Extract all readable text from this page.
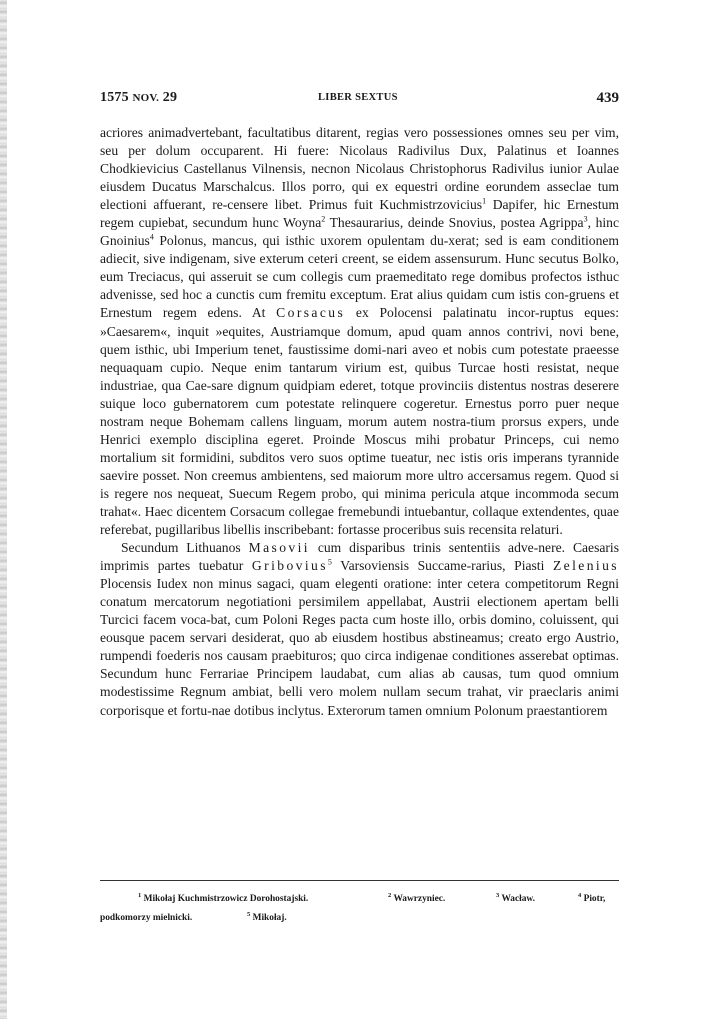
1575 NOV. 29	LIBER SEXTUS	439

acriores animadvertebant, facultatibus ditarent, regias vero possessiones omnes seu per vim, seu per dolum occuparent. Hi fuere: Nicolaus Radivilus Dux, Palatinus et Ioannes Chodkievicius Castellanus Vilnensis, necnon Nicolaus Christophorus Radivilus iunior Aulae eiusdem Ducatus Marschalcus. Illos porro, qui ex equestri ordine eorundem asseclae tum electioni affuerant, re-censere libet. Primus fuit Kuchmistrzovicius$^1$ Dapifer, hic Ernestum regem cupiebat, secundum hunc Woyna$^2$ Thesaurarius, deinde Snovius, postea Agrippa$^3$, hinc Gnoinius$^4$ Polonus, mancus, qui isthic uxorem opulentam du-xerat; sed is eam conditionem adiecit, sive indigenam, sive exterum ceteri creent, se eidem assensurum. Hunc secutus Bolko, eum Treciacus, qui asseruit se cum collegis cum praemeditato rege domibus profectos isthuc advenisse, sed hoc a cunctis cum fremitu exceptum. Erat alius quidam cum istis con-gruens et Ernestum regem edens. At Corsacus ex Polocensi palatinatu incor-ruptus eques: »Caesarem«, inquit »equites, Austriamque domum, apud quam annos contrivi, novi bene, quem isthic, ubi Imperium tenet, faustissime domi-nari aveo et nobis cum potestate praeesse nequaquam cupio. Neque enim tantarum virium est, quibus Turcae hosti resistat, neque industriae, qua Cae-sare dignum quidpiam ederet, totque provinciis distentus nostras deserere suique loco gubernatorem cum potestate relinquere cogeretur. Ernestus porro puer neque nostram neque Bohemam callens linguam, morum autem nostra-tium prorsus expers, unde Henrici exemplo disciplina egeret. Proinde Moscus mihi probatur Princeps, cui nemo mortalium sit formidini, subditos vero suos optime tueatur, nec istis oris imperans tyrannide saevire posset. Non creemus ambientens, sed maiorum more ultro accersamus regem. Quod si is regere nos nequeat, Suecum Regem probo, qui minima pericula atque incommoda secum trahat«. Haec dicentem Corsacum collegae fremebundi intuebantur, collaque extendentes, quae referebat, pugillaribus libellis inscribebant: fortasse proceribus suis recensita relaturi.

Secundum Lithuanos Masovii cum disparibus trinis sententiis adve-nere. Caesaris imprimis partes tuebatur Gribovius$^5$ Varsoviensis Succame-rarius, Piasti Zelenius Plocensis Iudex non minus sagaci, quam elegenti oratione: inter cetera competitorum Regni conatum mercatorum negotiationi persimilem appellabat, Austrii electionem apertam belli Turcici facem voca-bat, cum Poloni Reges pacta cum hoste illo, orbis domino, coluissent, qui eousque pacem servari desiderat, quo ab eiusdem hostibus abstineamus; creato ergo Austrio, rumpendi foederis nos causam praebituros; quo circa indigenae conditiones asserebat optimas. Secundum hunc Ferrariae Principem laudabat, cum alias ab causas, tum quod omnium modestissime Regnum ambiat, belli vero molem nullam secum trahat, vir praeclaris animi corporisque et fortu-nae dotibus inclytus. Exterorum tamen omnium Polonum praestantiorem

$^1$ Mikołaj Kuchmistrzowicz Dorohostajski.	$^2$ Wawrzyniec.	$^3$ Wacław.	$^4$ Piotr,
podkomorzy mielnicki.	$^5$ Mikołaj.
